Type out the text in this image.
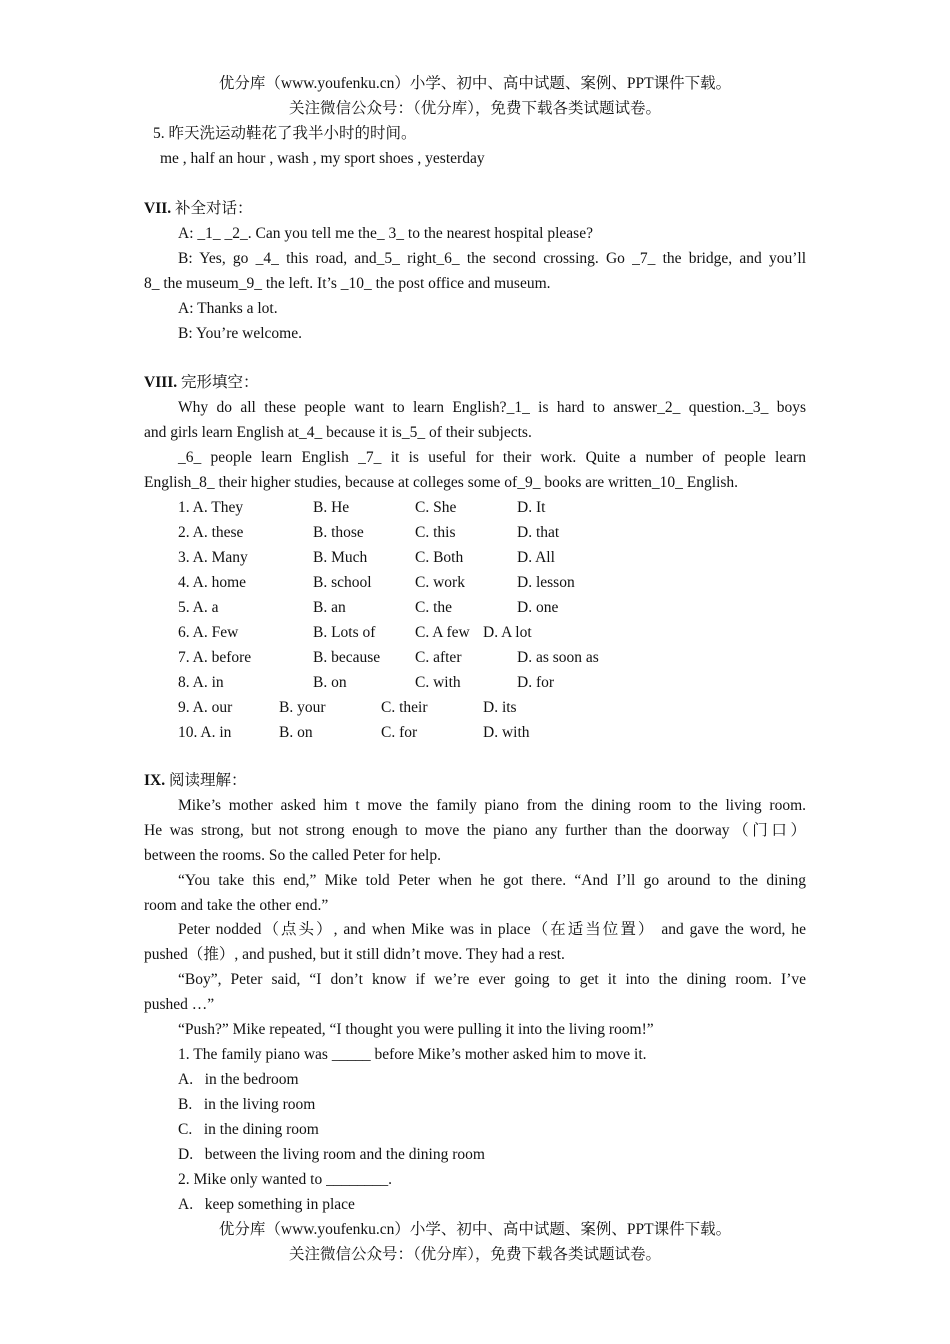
优分库（www.youfenku.cn）小学、初中、高中试题、案例、PPT课件下载。
关注微信公众号：（优分库），免费下载各类试题试卷。
5. 昨天洗运动鞋花了我半小时的时间。
me , half an hour , wash , my sport shoes , yesterday
VII. 补全对话：
A: _1_ _2_. Can you tell me the_ 3_ to the nearest hospital please?
B: Yes, go _4_ this road, and_5_ right_6_ the second crossing. Go _7_ the bridge, and you’ll
8_ the museum_9_ the left. It’s _10_ the post office and museum.
A: Thanks a lot.
B: You’re welcome.
VIII. 完形填空：
Why do all these people want to learn English?_1_ is hard to answer_2_ question._3_ boys
and girls learn English at_4_ because it is_5_ of their subjects.
_6_ people learn English _7_ it is useful for their work. Quite a number of people learn
English_8_ their higher studies, because at colleges some of_9_ books are written_10_ English.
1. A. They	B. He	C. She	D. It
2. A. these	B. those	C. this	D. that
3. A. Many	B. Much	C. Both	D. All
4. A. home	B. school	C. work	D. lesson
5. A. a	B. an	C. the	D. one
6. A. Few	B. Lots of	C. A few D. A lot
7. A. before	B. because C. after	D. as soon as
8. A. in	B. on	C. with	D. for
9. A. our	B. your	C. their	D. its
10. A. in	B. on	C. for	D. with
IX. 阅读理解：
Mike’s mother asked him t move the family piano from the dining room to the living room.
He was strong, but not strong enough to move the piano any further than the doorway（门口）
between the rooms. So the called Peter for help.
“You take this end,” Mike told Peter when he got there. “And I’ll go around to the dining
room and take the other end.”
Peter nodded（点头）, and when Mike was in place（在适当位置） and gave the word, he
pushed（推）, and pushed, but it still didn’t move. They had a rest.
“Boy”, Peter said, “I don’t know if we’re ever going to get it into the dining room. I’ve
pushed …”
“Push?” Mike repeated, “I thought you were pulling it into the living room!”
1. The family piano was _____ before Mike’s mother asked him to move it.
A.   in the bedroom
B.   in the living room
C.   in the dining room
D.   between the living room and the dining room
2. Mike only wanted to ________.
A.   keep something in place
优分库（www.youfenku.cn）小学、初中、高中试题、案例、PPT课件下载。
关注微信公众号：（优分库），免费下载各类试题试卷。
